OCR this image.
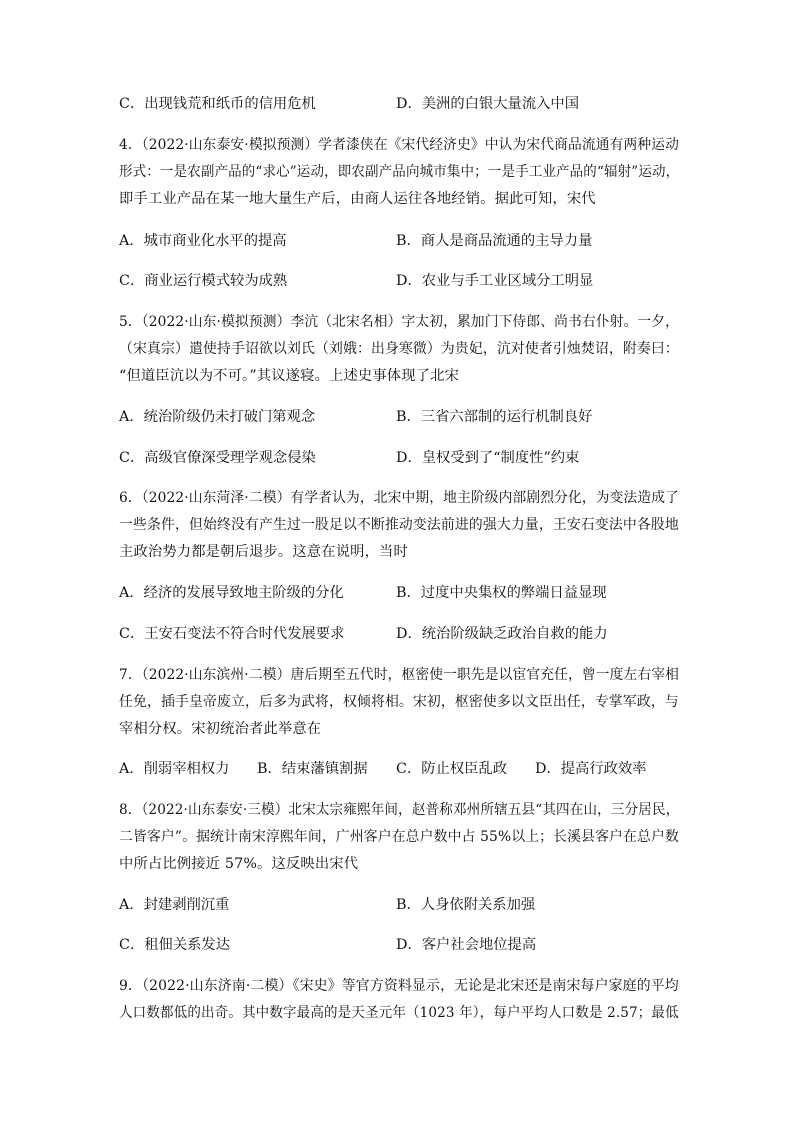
C．出现钱荒和纸币的信用危机	D．美洲的白银大量流入中国
4．（2022·山东泰安·模拟预测）学者漆侠在《宋代经济史》中认为宋代商品流通有两种运动
形式：一是农副产品的“求心”运动，即农副产品向城市集中；一是手工业产品的“辐射”运动，
即手工业产品在某一地大量生产后，由商人运往各地经销。据此可知，宋代
A．城市商业化水平的提高	B．商人是商品流通的主导力量
C．商业运行模式较为成熟	D．农业与手工业区域分工明显
5．（2022·山东·模拟预测）李沆（北宋名相）字太初，累加门下侍郎、尚书右仆射。一夕，
（宋真宗）遣使持手诏欲以刘氏（刘娥：出身寒微）为贵妃，沆对使者引烛焚诏，附奏曰：
“但道臣沆以为不可。”其议遂寝。上述史事体现了北宋
A．统治阶级仍未打破门第观念	B．三省六部制的运行机制良好
C．高级官僚深受理学观念侵染	D．皇权受到了“制度性”约束
6．（2022·山东菏泽·二模）有学者认为，北宋中期，地主阶级内部剧烈分化，为变法造成了
一些条件，但始终没有产生过一股足以不断推动变法前进的强大力量，王安石变法中各股地
主政治势力都是朝后退步。这意在说明，当时
A．经济的发展导致地主阶级的分化	B．过度中央集权的弊端日益显现
C．王安石变法不符合时代发展要求	D．统治阶级缺乏政治自救的能力
7．（2022·山东滨州·二模）唐后期至五代时，枢密使一职先是以宦官充任，曾一度左右宰相
任免，插手皇帝废立，后多为武将，权倾将相。宋初，枢密使多以文臣出任，专掌军政，与
宰相分权。宋初统治者此举意在
A．削弱宰相权力 B．结束藩镇割据 C．防止权臣乱政 D．提高行政效率
8．（2022·山东泰安·三模）北宋太宗雍熙年间，赵普称邓州所辖五县“其四在山，三分居民，
二皆客户”。据统计南宋淳熙年间，广州客户在总户数中占 55%以上；长溪县客户在总户数
中所占比例接近 57%。这反映出宋代
A．封建剥削沉重	B．人身依附关系加强
C．租佃关系发达	D．客户社会地位提高
9．（2022·山东济南·二模）《宋史》等官方资料显示，无论是北宋还是南宋每户家庭的平均
人口数都低的出奇。其中数字最高的是天圣元年（1023 年），每户平均人口数是 2.57；最低
